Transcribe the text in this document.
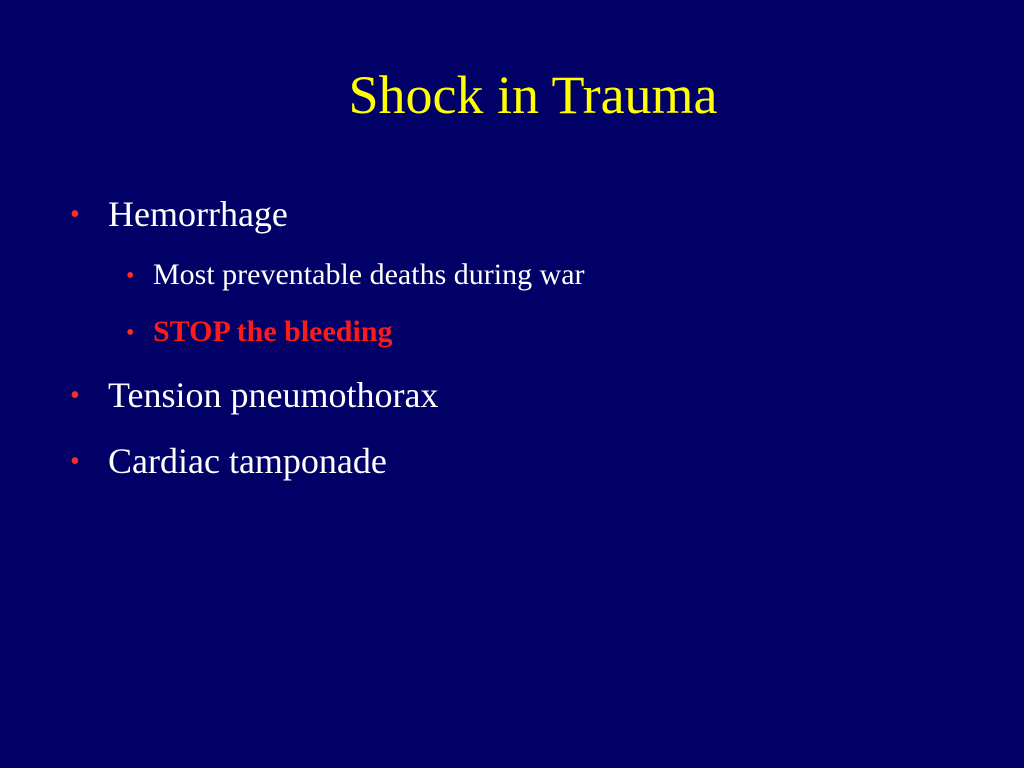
Shock in Trauma
• Hemorrhage
• Most preventable deaths during war
• STOP the bleeding
• Tension pneumothorax
• Cardiac tamponade
